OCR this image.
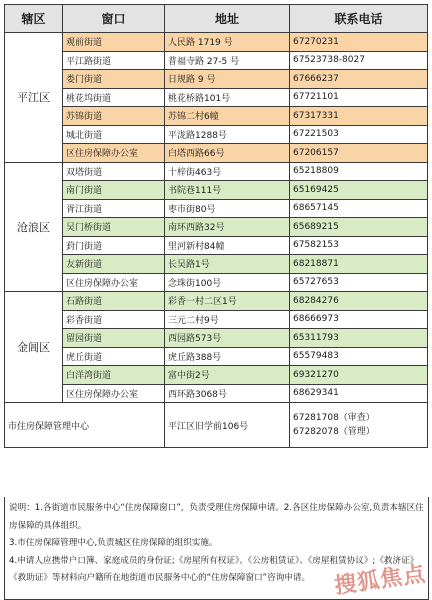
辖区	窗口	地址	联系电话
平江区	观前街道	人民路 1719 号	67270231
	平江路街道	普福寺路 27-5 号	67523738-8027
	娄门街道	日规路 9 号	67666237
	桃花坞街道	桃花桥路101号	67721101
	苏锦街道	苏锦二村6幢	67317331
	城北街道	平泷路1288号	67221503
	区住房保障办公室	白塔西路66号	67206157
沧浪区	双塔街道	十梓街463号	65218809
	南门街道	书院巷111号	65169425
	胥江街道	枣市街80号	68657145
	吴门桥街道	南环西路32号	65689215
	葑门街道	里河新村84幢	67582153
	友新街道	长吴路1号	68218871
	区住房保障办公室	念珠街100号	65727653
金阊区	石路街道	彩香一村二区1号	68284276
	彩香街道	三元二村9号	68666973
	留园街道	西园路573号	65311793
	虎丘街道	虎丘路388号	65579483
	白洋湾街道	富中街2号	69321270
	区住房保障办公室	西环路3068号	68629341
市住房保障管理中心		平江区旧学前106号	67281708（审查）
67282078（管理）

说明：1.各街道市民服务中心“住房保障窗口”，负责受理住房保障申请。2.各区住房保障办公室,负责本辖区住房保障的具体组织。

3.市住房保障管理中心,负责城区住房保障的组织实施。

4.申请人应携带户口簿、家庭成员的身份证;《房屋所有权证》、《公房租赁证》、《房屋租赁协议》;《救济证》《救助证》等材料向户籍所在地街道市民服务中心的“住房保障窗口”咨询申请。	搜狐焦点
